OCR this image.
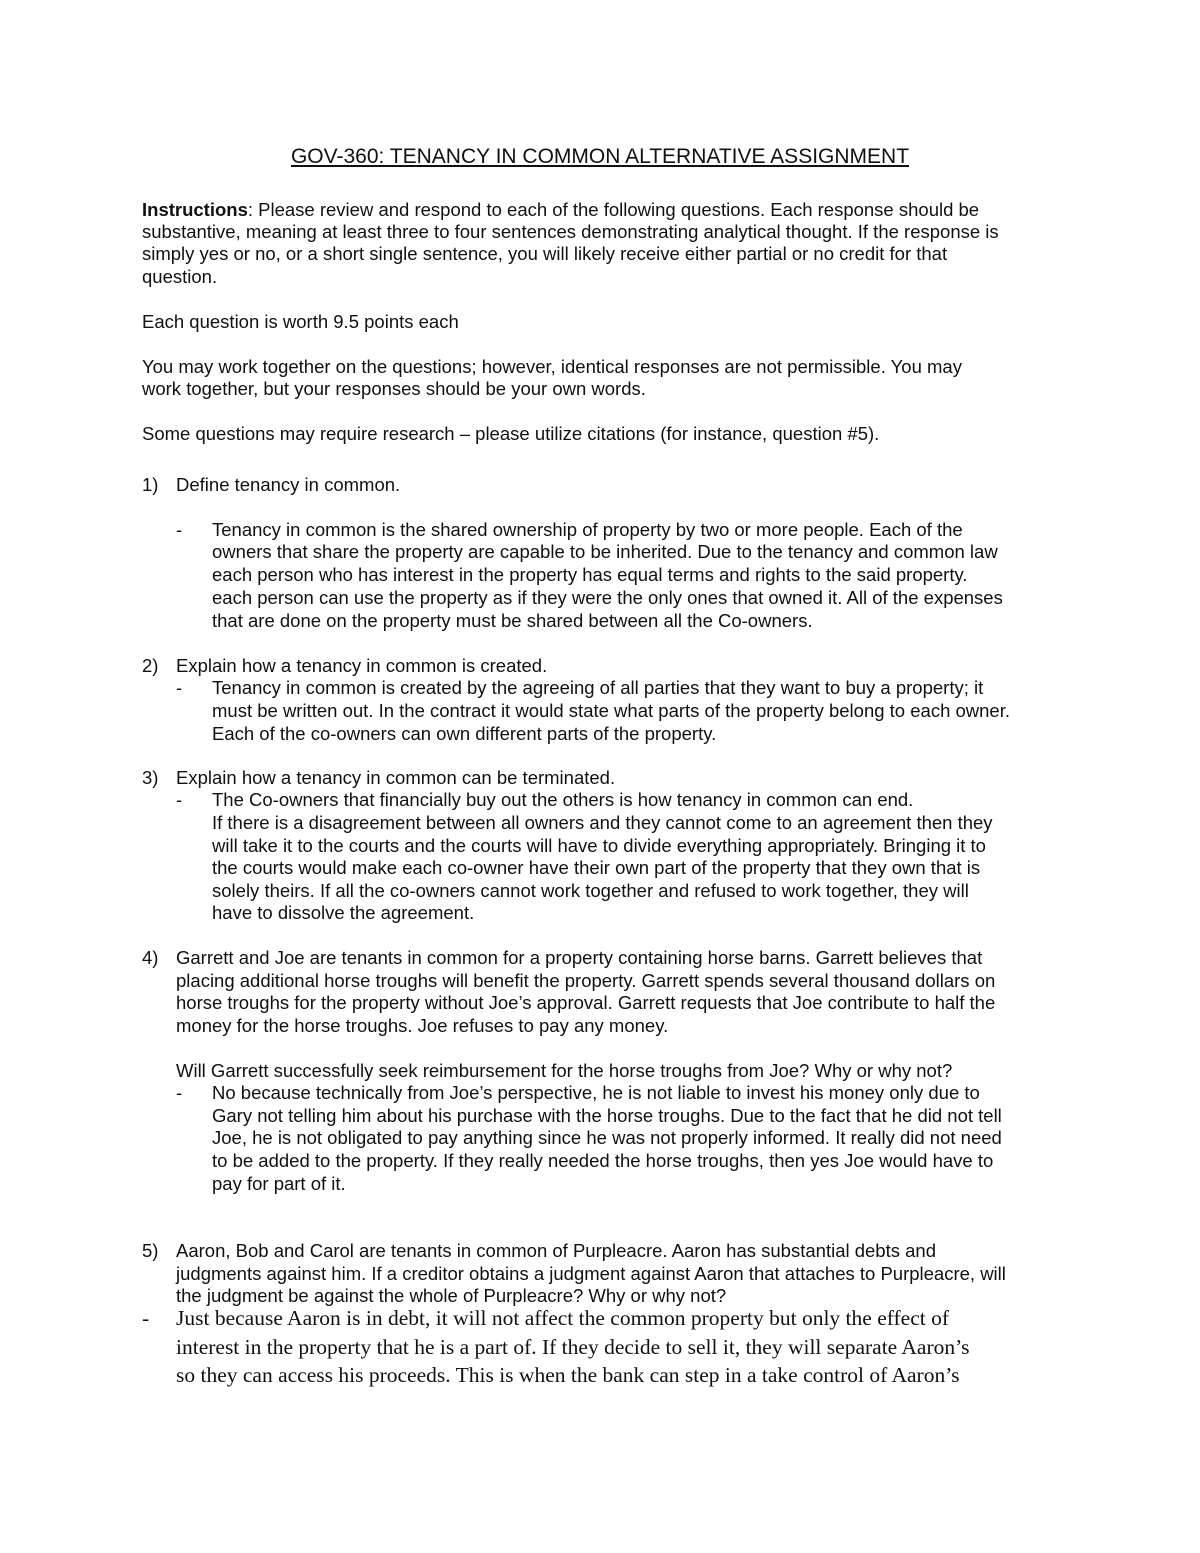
GOV-360: TENANCY IN COMMON ALTERNATIVE ASSIGNMENT
Instructions: Please review and respond to each of the following questions. Each response should be
substantive, meaning at least three to four sentences demonstrating analytical thought. If the response is
simply yes or no, or a short single sentence, you will likely receive either partial or no credit for that
question.
Each question is worth 9.5 points each
You may work together on the questions; however, identical responses are not permissible. You may
work together, but your responses should be your own words.
Some questions may require research – please utilize citations (for instance, question #5).
1) Define tenancy in common.
- Tenancy in common is the shared ownership of property by two or more people. Each of the
owners that share the property are capable to be inherited. Due to the tenancy and common law
each person who has interest in the property has equal terms and rights to the said property.
each person can use the property as if they were the only ones that owned it. All of the expenses
that are done on the property must be shared between all the Co-owners.
2) Explain how a tenancy in common is created.
- Tenancy in common is created by the agreeing of all parties that they want to buy a property; it
must be written out. In the contract it would state what parts of the property belong to each owner.
Each of the co-owners can own different parts of the property.
3) Explain how a tenancy in common can be terminated.
- The Co-owners that financially buy out the others is how tenancy in common can end.
If there is a disagreement between all owners and they cannot come to an agreement then they
will take it to the courts and the courts will have to divide everything appropriately. Bringing it to
the courts would make each co-owner have their own part of the property that they own that is
solely theirs. If all the co-owners cannot work together and refused to work together, they will
have to dissolve the agreement.
4) Garrett and Joe are tenants in common for a property containing horse barns. Garrett believes that
placing additional horse troughs will benefit the property. Garrett spends several thousand dollars on
horse troughs for the property without Joe’s approval. Garrett requests that Joe contribute to half the
money for the horse troughs. Joe refuses to pay any money.
Will Garrett successfully seek reimbursement for the horse troughs from Joe? Why or why not?
- No because technically from Joe’s perspective, he is not liable to invest his money only due to
Gary not telling him about his purchase with the horse troughs. Due to the fact that he did not tell
Joe, he is not obligated to pay anything since he was not properly informed. It really did not need
to be added to the property. If they really needed the horse troughs, then yes Joe would have to
pay for part of it.
5) Aaron, Bob and Carol are tenants in common of Purpleacre. Aaron has substantial debts and
judgments against him. If a creditor obtains a judgment against Aaron that attaches to Purpleacre, will
the judgment be against the whole of Purpleacre? Why or why not?
- Just because Aaron is in debt, it will not affect the common property but only the effect of
interest in the property that he is a part of. If they decide to sell it, they will separate Aaron’s
so they can access his proceeds. This is when the bank can step in a take control of Aaron’s
